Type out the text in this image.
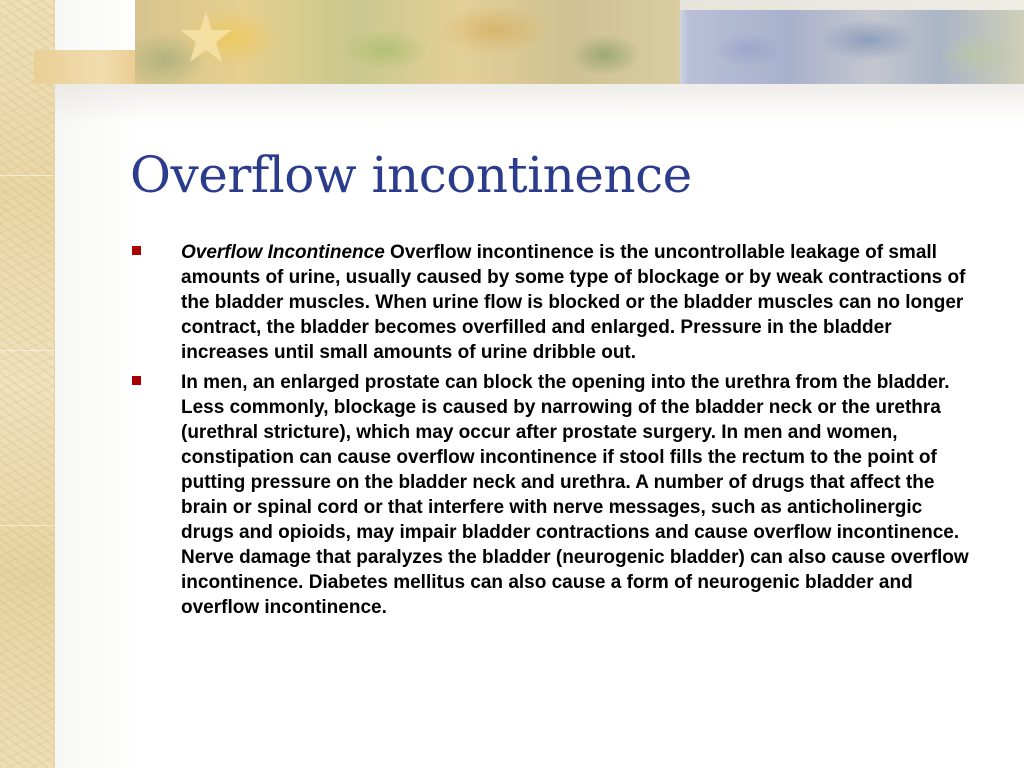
Overflow incontinence
Overflow Incontinence Overflow incontinence is the uncontrollable leakage of small amounts of urine, usually caused by some type of blockage or by weak contractions of the bladder muscles. When urine flow is blocked or the bladder muscles can no longer contract, the bladder becomes overfilled and enlarged. Pressure in the bladder increases until small amounts of urine dribble out.
In men, an enlarged prostate can block the opening into the urethra from the bladder. Less commonly, blockage is caused by narrowing of the bladder neck or the urethra (urethral stricture), which may occur after prostate surgery. In men and women, constipation can cause overflow incontinence if stool fills the rectum to the point of putting pressure on the bladder neck and urethra. A number of drugs that affect the brain or spinal cord or that interfere with nerve messages, such as anticholinergic drugs and opioids, may impair bladder contractions and cause overflow incontinence. Nerve damage that paralyzes the bladder (neurogenic bladder) can also cause overflow incontinence. Diabetes mellitus can also cause a form of neurogenic bladder and overflow incontinence.
